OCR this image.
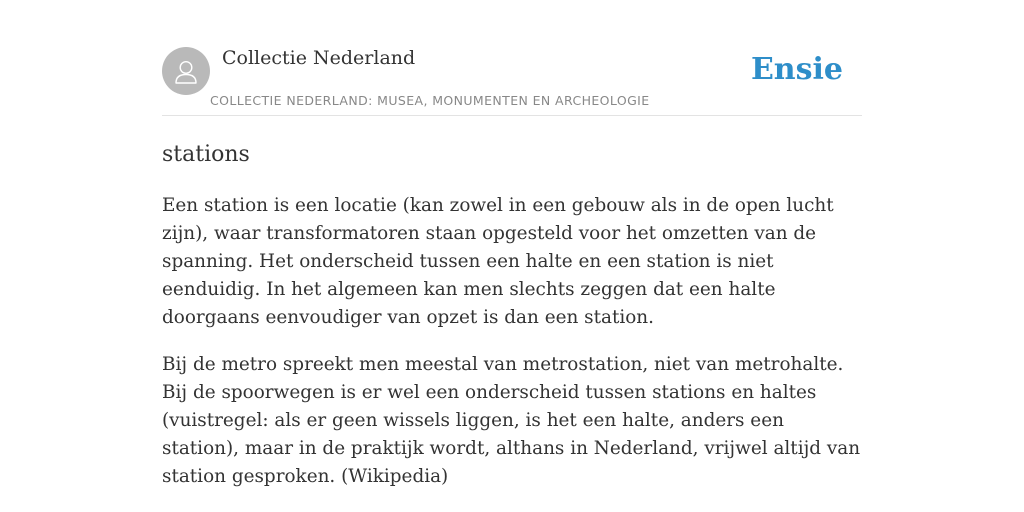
Collectie Nederland
COLLECTIE NEDERLAND: MUSEA, MONUMENTEN EN ARCHEOLOGIE
Ensie
stations

Een station is een locatie (kan zowel in een gebouw als in de open lucht zijn), waar transformatoren staan opgesteld voor het omzetten van de spanning. Het onderscheid tussen een halte en een station is niet eenduidig. In het algemeen kan men slechts zeggen dat een halte doorgaans eenvoudiger van opzet is dan een station.

Bij de metro spreekt men meestal van metrostation, niet van metrohalte. Bij de spoorwegen is er wel een onderscheid tussen stations en haltes (vuistregel: als er geen wissels liggen, is het een halte, anders een station), maar in de praktijk wordt, althans in Nederland, vrijwel altijd van station gesproken. (Wikipedia)
